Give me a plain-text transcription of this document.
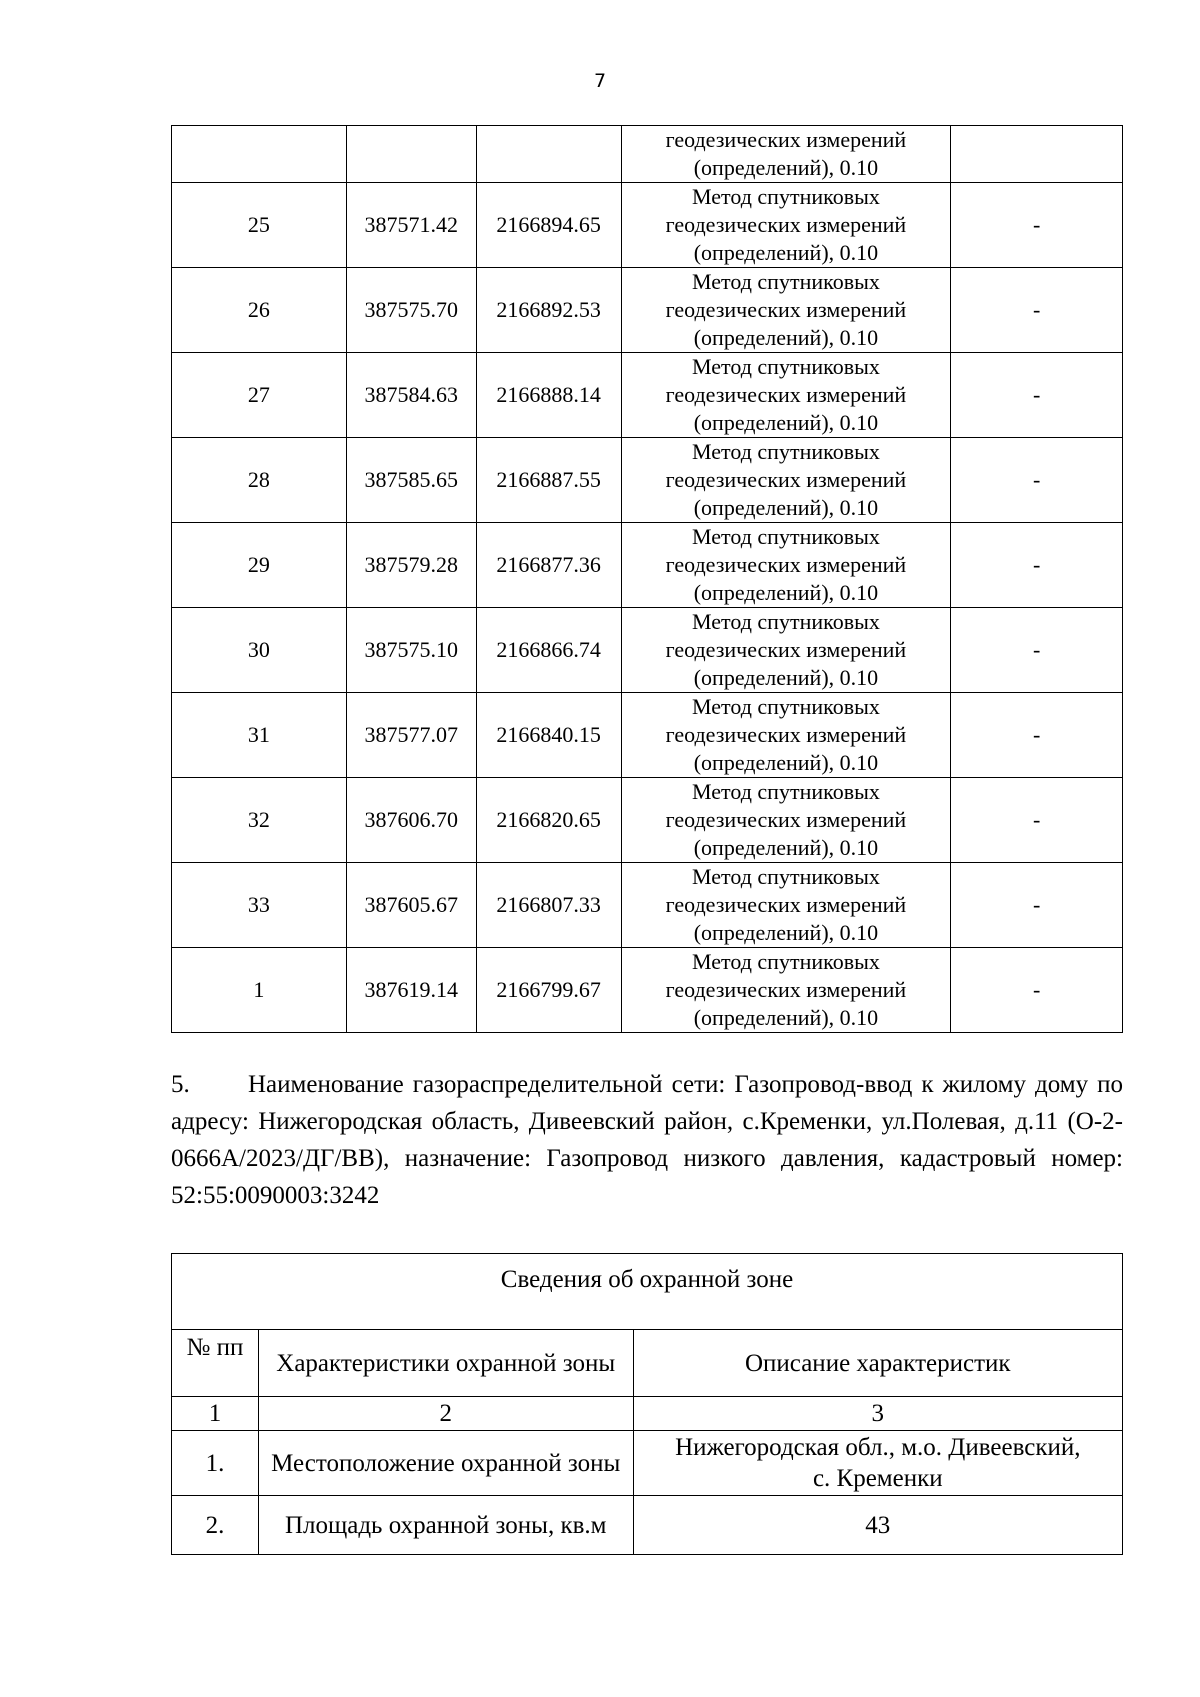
7

			геодезических измерений
(определений), 0.10	

25	387571.42	2166894.65	Метод спутниковых
геодезических измерений
(определений), 0.10	-
26	387575.70	2166892.53	Метод спутниковых
геодезических измерений
(определений), 0.10	-
27	387584.63	2166888.14	Метод спутниковых
геодезических измерений
(определений), 0.10	-
28	387585.65	2166887.55	Метод спутниковых
геодезических измерений
(определений), 0.10	-
29	387579.28	2166877.36	Метод спутниковых
геодезических измерений
(определений), 0.10	-
30	387575.10	2166866.74	Метод спутниковых
геодезических измерений
(определений), 0.10	-
31	387577.07	2166840.15	Метод спутниковых
геодезических измерений
(определений), 0.10	-
32	387606.70	2166820.65	Метод спутниковых
геодезических измерений
(определений), 0.10	-
33	387605.67	2166807.33	Метод спутниковых
геодезических измерений
(определений), 0.10	-
1	387619.14	2166799.67	Метод спутниковых
геодезических измерений
(определений), 0.10	-

5. Наименование газораспределительной сети: Газопровод-ввод к жилому дому по адресу: Нижегородская область, Дивеевский район, с.Кременки, ул.Полевая, д.11 (О-2-0666А/2023/ДГ/ВВ), назначение: Газопровод низкого давления, кадастровый номер: 52:55:0090003:3242

Сведения об охранной зоне		
№ пп	Характеристики охранной зоны	Описание характеристик
1	2	3
1.	Местоположение охранной зоны	Нижегородская обл., м.о. Дивеевский,
с. Кременки

2.	Площадь охранной зоны, кв.м	43
